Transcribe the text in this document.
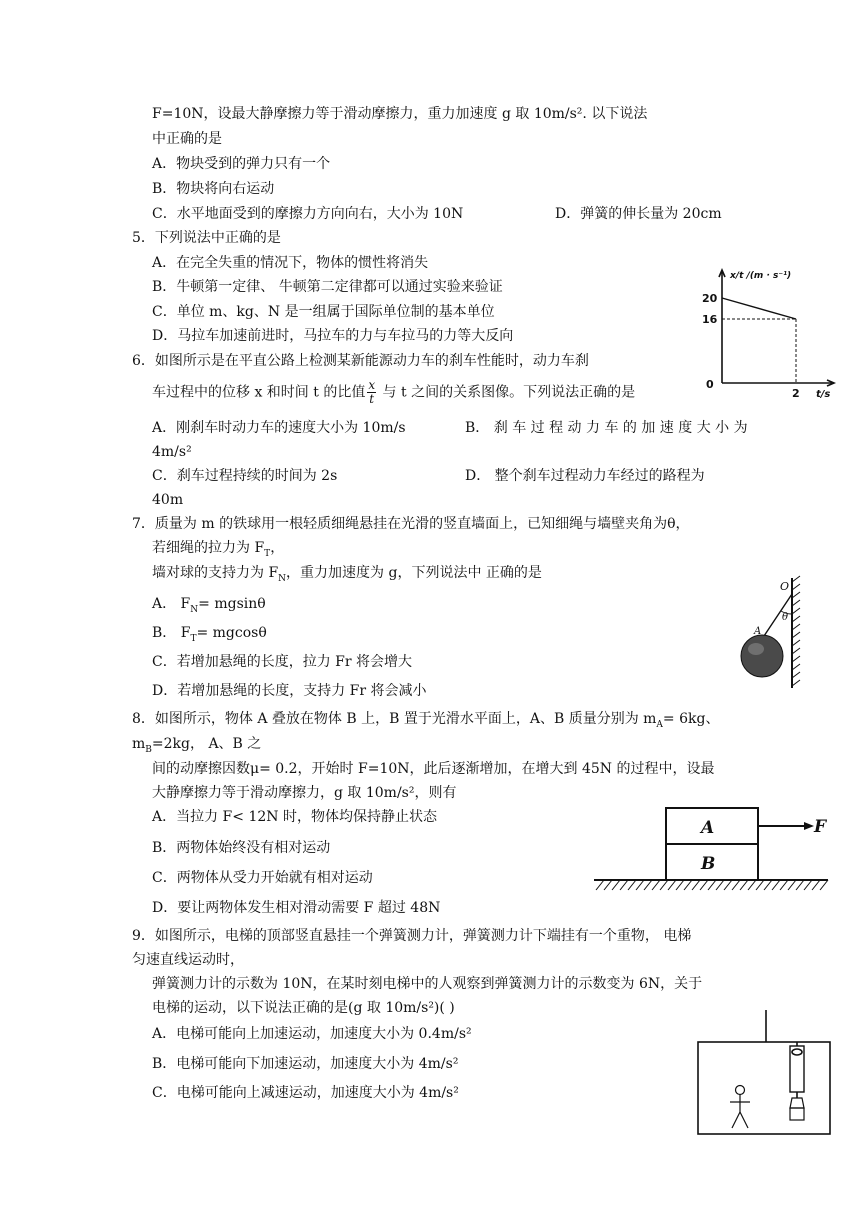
F=10N，设最大静摩擦力等于滑动摩擦力，重力加速度 g 取 10m/s². 以下说法
中正确的是
A．物块受到的弹力只有一个
B．物块将向右运动
C．水平地面受到的摩擦力方向向右，大小为 10N	D．弹簧的伸长量为 20cm
5．下列说法中正确的是
A．在完全失重的情况下，物体的惯性将消失
B．牛顿第一定律、 牛顿第二定律都可以通过实验来验证
C．单位 m、kg、N 是一组属于国际单位制的基本单位
D．马拉车加速前进时，马拉车的力与车拉马的力等大反向
x/t /(m · s⁻¹)
t/s
0
20
16
2
6．如图所示是在平直公路上检测某新能源动力车的刹车性能时，动力车刹
车过程中的位移 x 和时间 t 的比值 $\frac{x}{t}$ 与 t 之间的关系图像。下列说法正确的是
A．刚刹车时动力车的速度大小为 10m/s	B． 刹 车 过 程 动 力 车 的 加 速 度 大 小 为
4m/s²
C．刹车过程持续的时间为 2s	D． 整个刹车过程动力车经过的路程为
40m
7．质量为 m 的铁球用一根轻质细绳悬挂在光滑的竖直墙面上，已知细绳与墙壁夹角为θ，
若细绳的拉力为 $F_T$，
墙对球的支持力为 $F_N$，重力加速度为 g，下列说法中 正确的是
A． $F_N= mgsin\theta$
B． $F_T= mgcos\theta$
C．若增加悬绳的长度，拉力 Fr 将会增大
D．若增加悬绳的长度，支持力 Fr 将会减小
O
θ
A
8．如图所示，物体 A 叠放在物体 B 上，B 置于光滑水平面上，A、B 质量分别为 $m_A= 6kg$、
$m_B=2kg$， A、B 之
间的动摩擦因数μ= 0.2，开始时 F=10N，此后逐渐增加，在增大到 45N 的过程中，设最
大静摩擦力等于滑动摩擦力，g 取 10m/s²，则有
A．当拉力 F< 12N 时，物体均保持静止状态
B．两物体始终没有相对运动
C．两物体从受力开始就有相对运动
D．要让两物体发生相对滑动需要 F 超过 48N
A
B
F
9．如图所示，电梯的顶部竖直悬挂一个弹簧测力计，弹簧测力计下端挂有一个重物， 电梯
匀速直线运动时，
弹簧测力计的示数为 10N，在某时刻电梯中的人观察到弹簧测力计的示数变为 6N，关于
电梯的运动，以下说法正确的是(g 取 10m/s²)( )
A．电梯可能向上加速运动，加速度大小为 0.4m/s²
B．电梯可能向下加速运动，加速度大小为 4m/s²
C．电梯可能向上减速运动，加速度大小为 4m/s²
